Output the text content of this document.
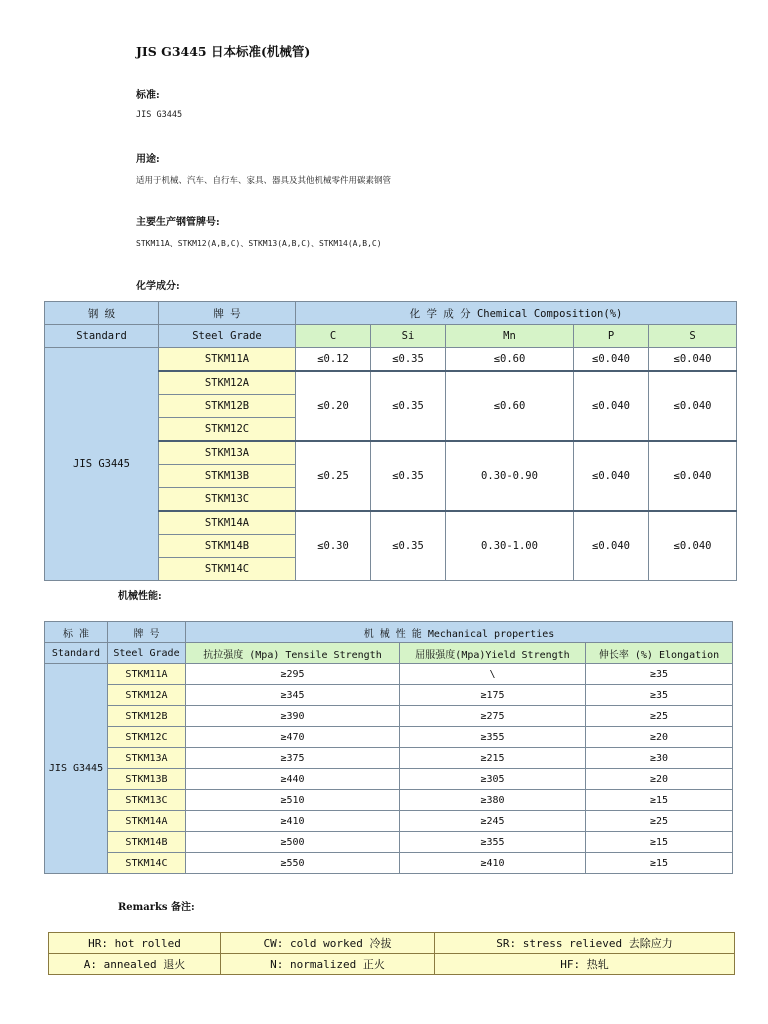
JIS G3445 日本标准(机械管)
标准:
JIS G3445
用途:
适用于机械、汽车、自行车、家具、器具及其他机械零件用碳素钢管
主要生产钢管牌号:
STKM11A、STKM12(A,B,C)、STKM13(A,B,C)、STKM14(A,B,C)
化学成分:
钢 级	牌 号	化 学 成 分 Chemical Composition(%)				
Standard	Steel Grade	C	Si	Mn	P	S
JIS G3445	STKM11A	≤0.12	≤0.35	≤0.60	≤0.040	≤0.040
	STKM12A	≤0.20	≤0.35	≤0.60	≤0.040	≤0.040
	STKM12B					
	STKM12C					
	STKM13A	≤0.25	≤0.35	0.30-0.90	≤0.040	≤0.040
	STKM13B					
	STKM13C					
	STKM14A	≤0.30	≤0.35	0.30-1.00	≤0.040	≤0.040
	STKM14B					
	STKM14C					
机械性能:
标 准	牌 号	机 械 性 能 Mechanical properties		
Standard	Steel Grade	抗拉强度 (Mpa) Tensile Strength	屈服强度(Mpa)Yield Strength	伸长率 (%) Elongation
JIS G3445	STKM11A	≥295	\	≥35
	STKM12A	≥345	≥175	≥35
	STKM12B	≥390	≥275	≥25
	STKM12C	≥470	≥355	≥20
	STKM13A	≥375	≥215	≥30
	STKM13B	≥440	≥305	≥20
	STKM13C	≥510	≥380	≥15
	STKM14A	≥410	≥245	≥25
	STKM14B	≥500	≥355	≥15
	STKM14C	≥550	≥410	≥15
Remarks 备注:
HR: hot rolled	CW: cold worked 冷拔	SR: stress relieved 去除应力
A: annealed 退火	N: normalized 正火	HF: 热轧
